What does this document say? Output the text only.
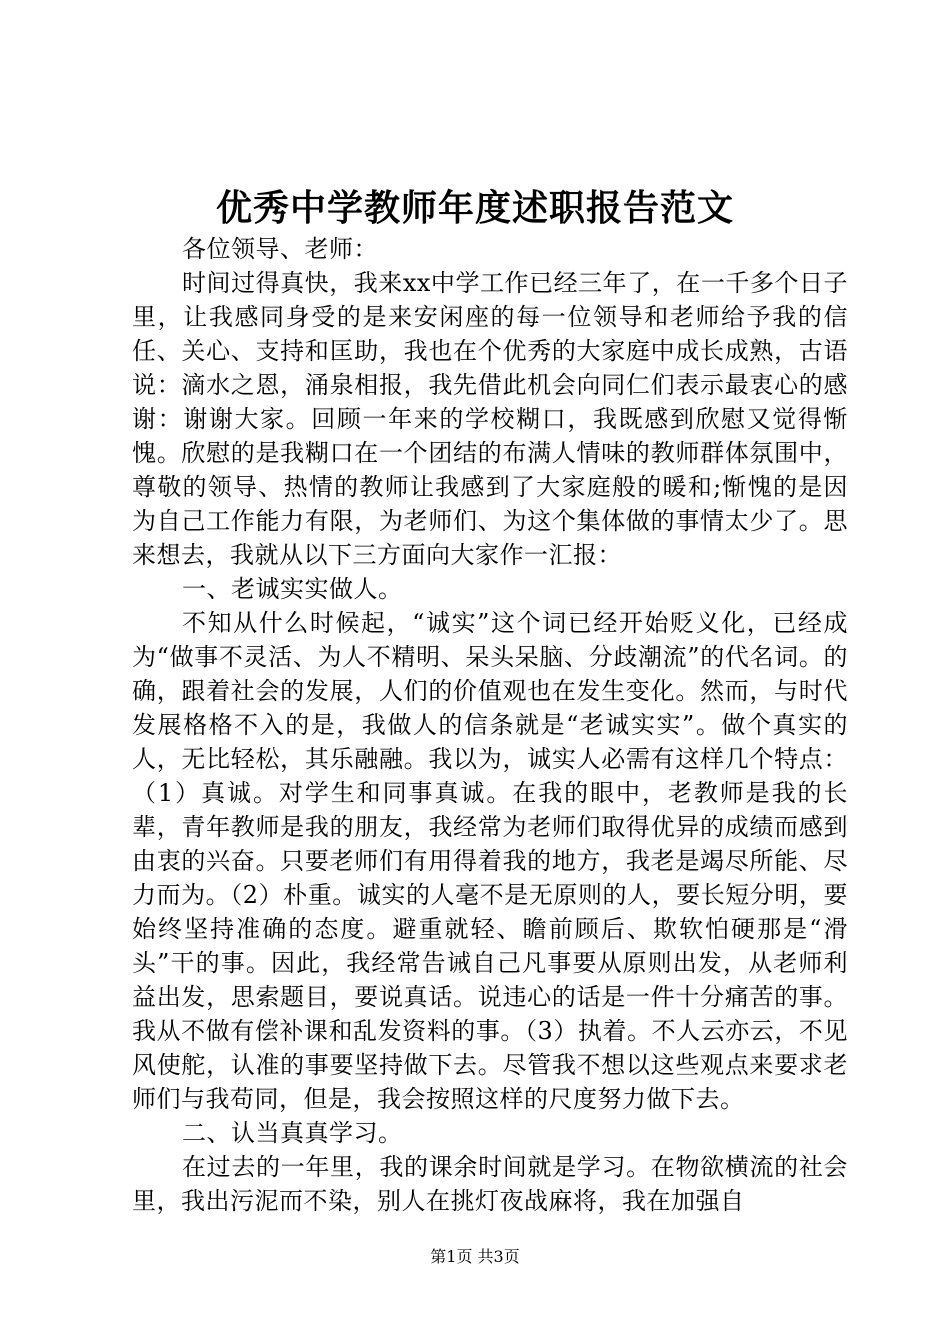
优秀中学教师年度述职报告范文

各位领导、老师：

时间过得真快，我来xx中学工作已经三年了，在一千多个日子里，让我感同身受的是来安闲座的每一位领导和老师给予我的信任、关心、支持和匡助，我也在个优秀的大家庭中成长成熟，古语说：滴水之恩，涌泉相报，我先借此机会向同仁们表示最衷心的感谢：谢谢大家。回顾一年来的学校糊口，我既感到欣慰又觉得惭愧。欣慰的是我糊口在一个团结的布满人情味的教师群体氛围中，尊敬的领导、热情的教师让我感到了大家庭般的暖和;惭愧的是因为自己工作能力有限，为老师们、为这个集体做的事情太少了。思来想去，我就从以下三方面向大家作一汇报：

一、老诚实实做人。

不知从什么时候起，“诚实”这个词已经开始贬义化，已经成为“做事不灵活、为人不精明、呆头呆脑、分歧潮流”的代名词。的确，跟着社会的发展，人们的价值观也在发生变化。然而，与时代发展格格不入的是，我做人的信条就是“老诚实实”。做个真实的人，无比轻松，其乐融融。我以为，诚实人必需有这样几个特点：（1）真诚。对学生和同事真诚。在我的眼中，老教师是我的长辈，青年教师是我的朋友，我经常为老师们取得优异的成绩而感到由衷的兴奋。只要老师们有用得着我的地方，我老是竭尽所能、尽力而为。（2）朴重。诚实的人毫不是无原则的人，要长短分明，要始终坚持准确的态度。避重就轻、瞻前顾后、欺软怕硬那是“滑头”干的事。因此，我经常告诫自己凡事要从原则出发，从老师利益出发，思索题目，要说真话。说违心的话是一件十分痛苦的事。我从不做有偿补课和乱发资料的事。（3）执着。不人云亦云，不见风使舵，认准的事要坚持做下去。尽管我不想以这些观点来要求老师们与我苟同，但是，我会按照这样的尺度努力做下去。

二、认当真真学习。

在过去的一年里，我的课余时间就是学习。在物欲横流的社会里，我出污泥而不染，别人在挑灯夜战麻将，我在加强自

第1页 共3页
